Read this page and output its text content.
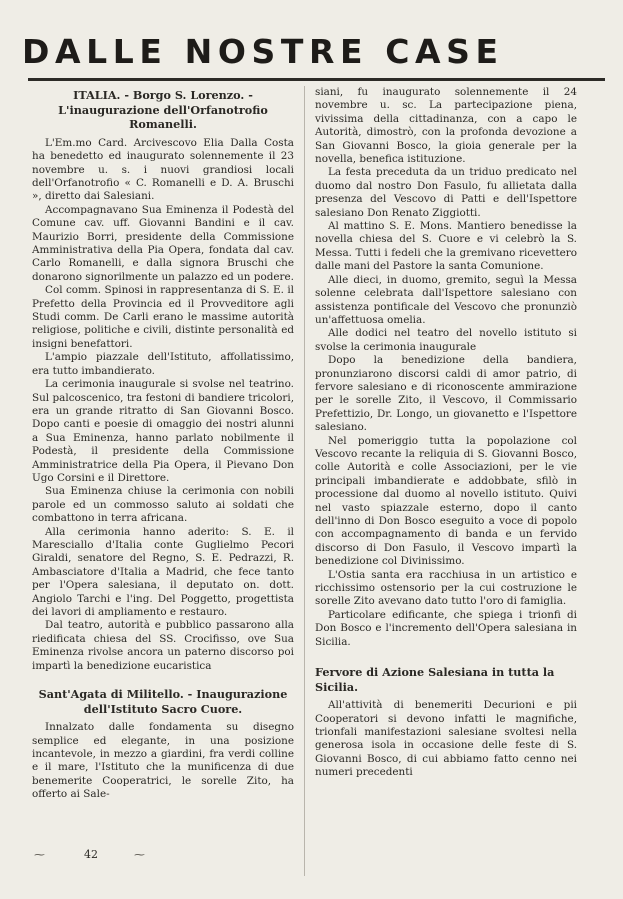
DALLE NOSTRE CASE

ITALIA. - Borgo S. Lorenzo. - L'inaugurazione dell'Orfanotrofio Romanelli.

L'Em.mo Card. Arcivescovo Elia Dalla Costa ha benedetto ed inaugurato solennemente il 23 novembre u. s. i nuovi grandiosi locali dell'Orfanotrofio « C. Romanelli e D. A. Bruschi », diretto dai Salesiani.

Accompagnavano Sua Eminenza il Podestà del Comune cav. uff. Giovanni Bandini e il cav. Maurizio Borri, presidente della Commissione Amministrativa della Pia Opera, fondata dal cav. Carlo Romanelli, e dalla signora Bruschi che donarono signorilmente un palazzo ed un podere.

Col comm. Spinosi in rappresentanza di S. E. il Prefetto della Provincia ed il Provveditore agli Studi comm. De Carli erano le massime autorità religiose, politiche e civili, distinte personalità ed insigni benefattori.

L'ampio piazzale dell'Istituto, affollatissimo, era tutto imbandierato.

La cerimonia inaugurale si svolse nel teatrino. Sul palcoscenico, tra festoni di bandiere tricolori, era un grande ritratto di San Giovanni Bosco. Dopo canti e poesie di omaggio dei nostri alunni a Sua Eminenza, hanno parlato nobilmente il Podestà, il presidente della Commissione Amministratrice della Pia Opera, il Pievano Don Ugo Corsini e il Direttore.

Sua Eminenza chiuse la cerimonia con nobili parole ed un commosso saluto ai soldati che combattono in terra africana.

Alla cerimonia hanno aderito: S. E. il Maresciallo d'Italia conte Guglielmo Pecori Giraldi, senatore del Regno, S. E. Pedrazzi, R. Ambasciatore d'Italia a Madrid, che fece tanto per l'Opera salesiana, il deputato on. dott. Angiolo Tarchi e l'ing. Del Poggetto, progettista dei lavori di ampliamento e restauro.

Dal teatro, autorità e pubblico passarono alla riedificata chiesa del SS. Crocifisso, ove Sua Eminenza rivolse ancora un paterno discorso poi impartì la benedizione eucaristica

Sant'Agata di Militello. - Inaugurazione dell'Istituto Sacro Cuore.

Innalzato dalle fondamenta su disegno semplice ed elegante, in una posizione incantevole, in mezzo a giardini, fra verdi colline e il mare, l'Istituto che la munificenza di due benemerite Cooperatrici, le sorelle Zito, ha offerto ai Sale-

siani, fu inaugurato solennemente il 24 novembre u. sc. La partecipazione piena, vivissima della cittadinanza, con a capo le Autorità, dimostrò, con la profonda devozione a San Giovanni Bosco, la gioia generale per la novella, benefica istituzione.

La festa preceduta da un triduo predicato nel duomo dal nostro Don Fasulo, fu allietata dalla presenza del Vescovo di Patti e dell'Ispettore salesiano Don Renato Ziggiotti.

Al mattino S. E. Mons. Mantiero benedisse la novella chiesa del S. Cuore e vi celebrò la S. Messa. Tutti i fedeli che la gremivano ricevettero dalle mani del Pastore la santa Comunione.

Alle dieci, in duomo, gremito, seguì la Messa solenne celebrata dall'Ispettore salesiano con assistenza pontificale del Vescovo che pronunziò un'affettuosa omelia.

Alle dodici nel teatro del novello istituto si svolse la cerimonia inaugurale

Dopo la benedizione della bandiera, pronunziarono discorsi caldi di amor patrio, di fervore salesiano e di riconoscente ammirazione per le sorelle Zito, il Vescovo, il Commissario Prefettizio, Dr. Longo, un giovanetto e l'Ispettore salesiano.

Nel pomeriggio tutta la popolazione col Vescovo recante la reliquia di S. Giovanni Bosco, colle Autorità e colle Associazioni, per le vie principali imbandierate e addobbate, sfilò in processione dal duomo al novello istituto. Quivi nel vasto spiazzale esterno, dopo il canto dell'inno di Don Bosco eseguito a voce di popolo con accompagnamento di banda e un fervido discorso di Don Fasulo, il Vescovo impartì la benedizione col Divinissimo.

L'Ostia santa era racchiusa in un artistico e ricchissimo ostensorio per la cui costruzione le sorelle Zito avevano dato tutto l'oro di famiglia.

Particolare edificante, che spiega i trionfi di Don Bosco e l'incremento dell'Opera salesiana in Sicilia.

Fervore di Azione Salesiana in tutta la Sicilia.

All'attività di benemeriti Decurioni e pii Cooperatori si devono infatti le magnifiche, trionfali manifestazioni salesiane svoltesi nella generosa isola in occasione delle feste di S. Giovanni Bosco, di cui abbiamo fatto cenno nei numeri precedenti

⁓	42	⁓
